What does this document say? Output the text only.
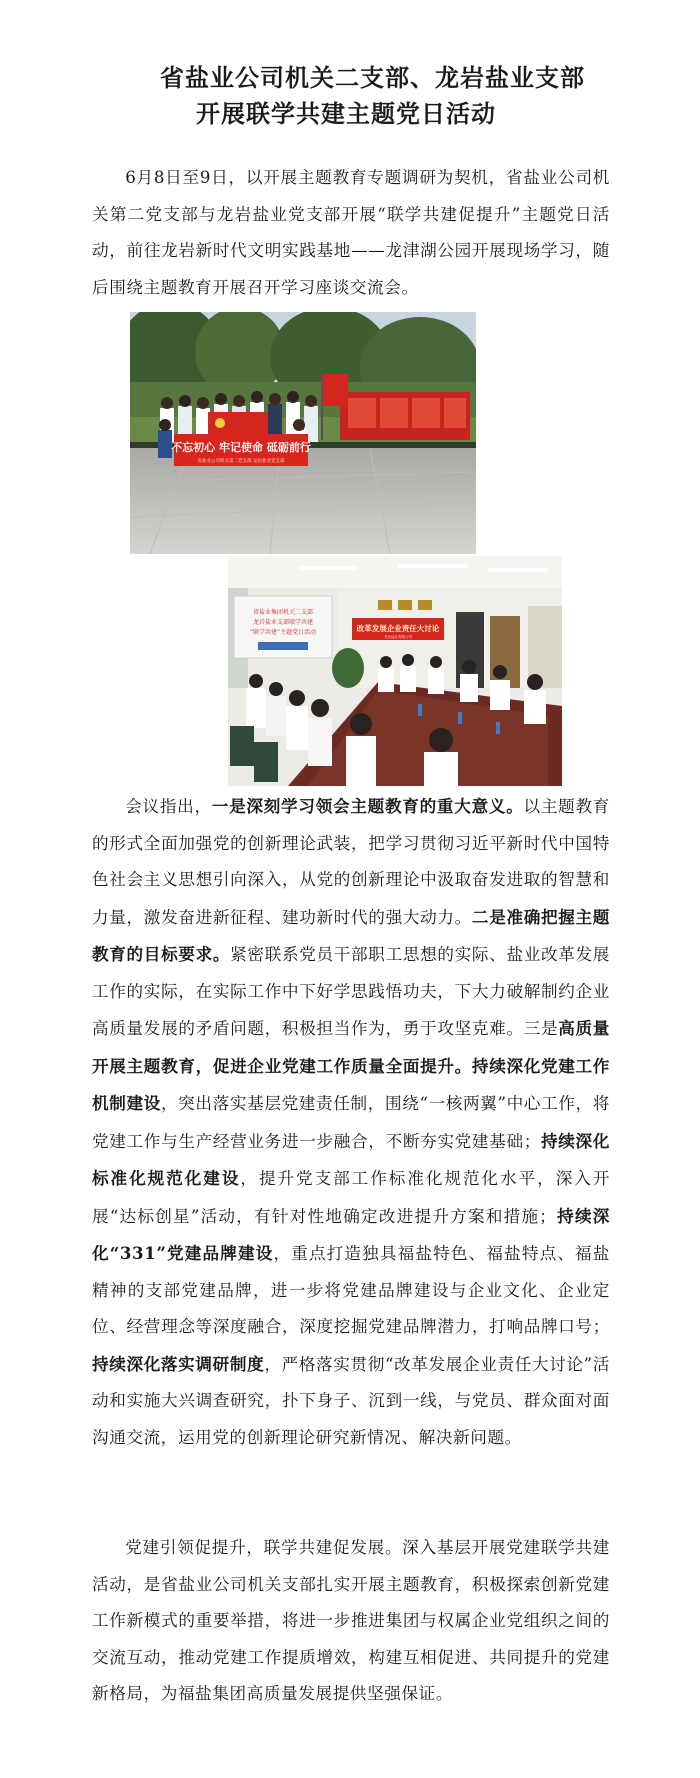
省盐业公司机关二支部、龙岩盐业支部
开展联学共建主题党日活动
6月8日至9日，以开展主题教育专题调研为契机，省盐业公司机关第二党支部与龙岩盐业党支部开展“联学共建促提升”主题党日活动，前往龙岩新时代文明实践基地——龙津湖公园开展现场学习，随后围绕主题教育开展召开学习座谈交流会。
不忘初心 牢记使命 砥砺前行
省盐业公司机关第二党支部 龙岩盐业党支部
省盐业集团机关二支部
龙岩盐业支部联学共建
“联学共建”主题党日活动	改革发展企业责任大讨论
龙岩盐业有限公司
会议指出，一是深刻学习领会主题教育的重大意义。以主题教育的形式全面加强党的创新理论武装，把学习贯彻习近平新时代中国特色社会主义思想引向深入，从党的创新理论中汲取奋发进取的智慧和力量，激发奋进新征程、建功新时代的强大动力。二是准确把握主题教育的目标要求。紧密联系党员干部职工思想的实际、盐业改革发展工作的实际，在实际工作中下好学思践悟功夫，下大力破解制约企业高质量发展的矛盾问题，积极担当作为，勇于攻坚克难。三是高质量开展主题教育，促进企业党建工作质量全面提升。持续深化党建工作机制建设，突出落实基层党建责任制，围绕“一核两翼”中心工作，将党建工作与生产经营业务进一步融合，不断夯实党建基础；持续深化标准化规范化建设，提升党支部工作标准化规范化水平，深入开展“达标创星”活动，有针对性地确定改进提升方案和措施；持续深化“331”党建品牌建设，重点打造独具福盐特色、福盐特点、福盐精神的支部党建品牌，进一步将党建品牌建设与企业文化、企业定位、经营理念等深度融合，深度挖掘党建品牌潜力，打响品牌口号；持续深化落实调研制度，严格落实贯彻“改革发展企业责任大讨论”活动和实施大兴调查研究，扑下身子、沉到一线，与党员、群众面对面沟通交流，运用党的创新理论研究新情况、解决新问题。
党建引领促提升，联学共建促发展。深入基层开展党建联学共建活动，是省盐业公司机关支部扎实开展主题教育，积极探索创新党建工作新模式的重要举措，将进一步推进集团与权属企业党组织之间的交流互动，推动党建工作提质增效，构建互相促进、共同提升的党建新格局，为福盐集团高质量发展提供坚强保证。
